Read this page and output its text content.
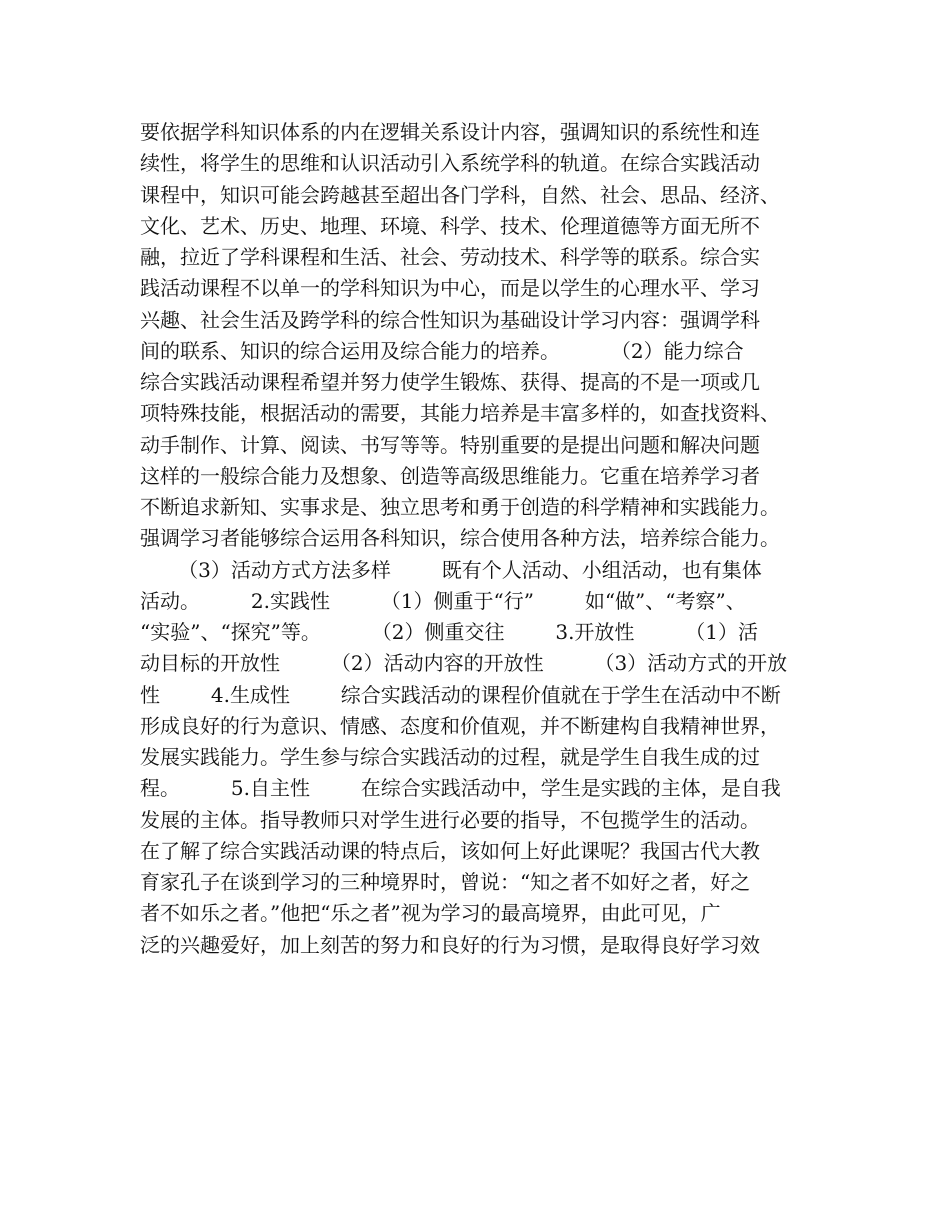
要依据学科知识体系的内在逻辑关系设计内容，强调知识的系统性和连
续性，将学生的思维和认识活动引入系统学科的轨道。在综合实践活动
课程中，知识可能会跨越甚至超出各门学科，自然、社会、思品、经济、
文化、艺术、历史、地理、环境、科学、技术、伦理道德等方面无所不
融，拉近了学科课程和生活、社会、劳动技术、科学等的联系。综合实
践活动课程不以单一的学科知识为中心，而是以学生的心理水平、学习
兴趣、社会生活及跨学科的综合性知识为基础设计学习内容：强调学科
间的联系、知识的综合运用及综合能力的培养。        （2）能力综合
综合实践活动课程希望并努力使学生锻炼、获得、提高的不是一项或几
项特殊技能，根据活动的需要，其能力培养是丰富多样的，如查找资料、
动手制作、计算、阅读、书写等等。特别重要的是提出问题和解决问题
这样的一般综合能力及想象、创造等高级思维能力。它重在培养学习者
不断追求新知、实事求是、独立思考和勇于创造的科学精神和实践能力。
强调学习者能够综合运用各科知识，综合使用各种方法，培养综合能力。
（3）活动方式方法多样        既有个人活动、小组活动，也有集体
活动。        2.实践性        （1）侧重于“行”        如“做”、“考察”、
“实验”、“探究”等。        （2）侧重交往        3.开放性        （1）活
动目标的开放性        （2）活动内容的开放性        （3）活动方式的开放
性        4.生成性        综合实践活动的课程价值就在于学生在活动中不断
形成良好的行为意识、情感、态度和价值观，并不断建构自我精神世界，
发展实践能力。学生参与综合实践活动的过程，就是学生自我生成的过
程。        5.自主性        在综合实践活动中，学生是实践的主体，是自我
发展的主体。指导教师只对学生进行必要的指导，不包揽学生的活动。
在了解了综合实践活动课的特点后，该如何上好此课呢？我国古代大教
育家孔子在谈到学习的三种境界时，曾说：“知之者不如好之者，好之
者不如乐之者。”他把“乐之者”视为学习的最高境界，由此可见，广
泛的兴趣爱好，加上刻苦的努力和良好的行为习惯，是取得良好学习效
